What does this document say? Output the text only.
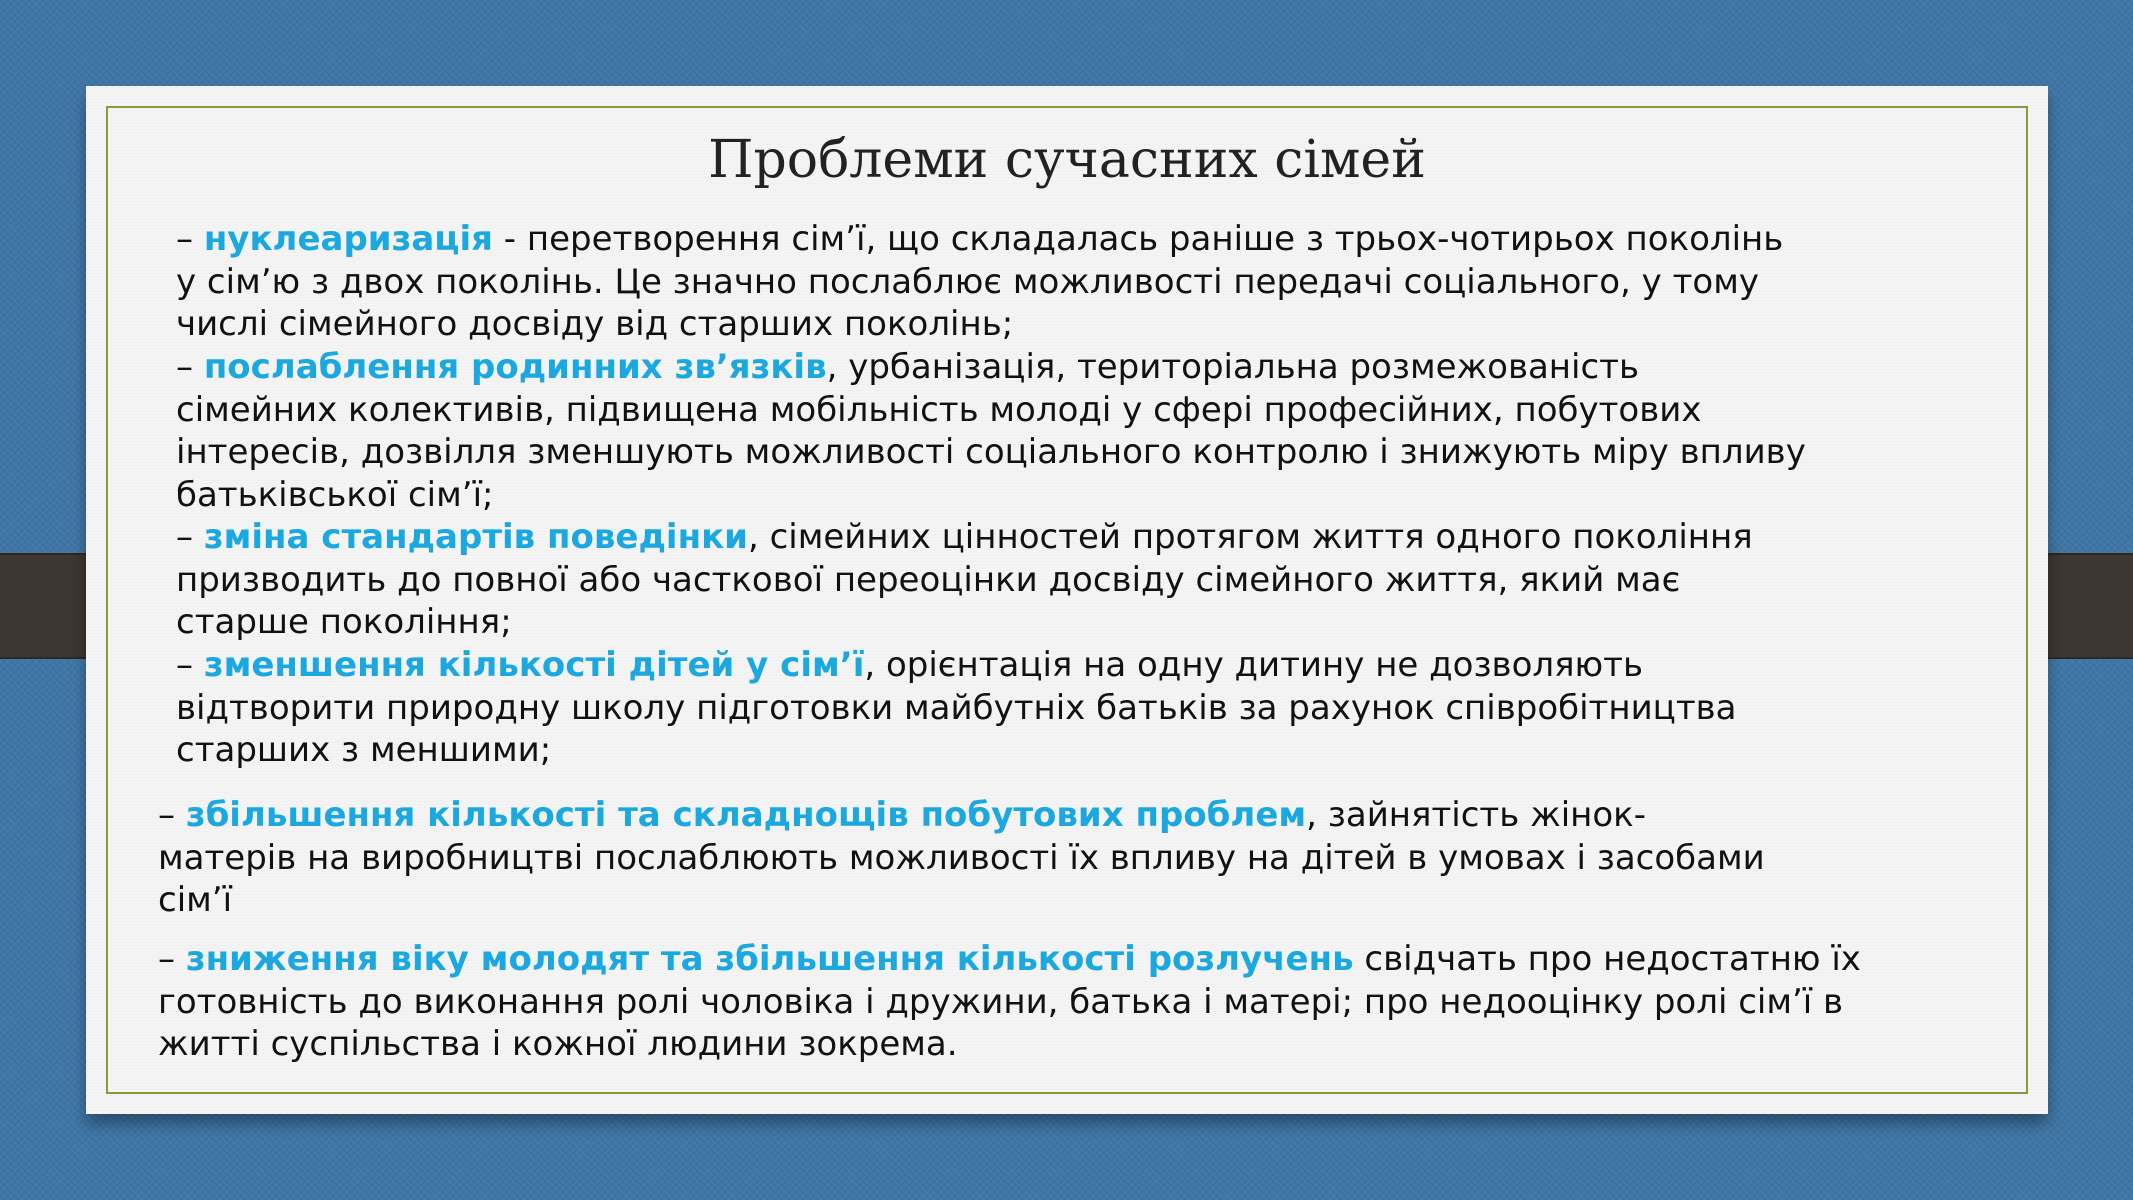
Проблеми сучасних сімей

– нуклеаризація - перетворення сім’ї, що складалась раніше з трьох-чотирьох поколінь
у сім’ю з двох поколінь. Це значно послаблює можливості передачі соціального, у тому
числі сімейного досвіду від старших поколінь;

– послаблення родинних зв’язків, урбанізація, територіальна розмежованість
сімейних колективів, підвищена мобільність молоді у сфері професійних, побутових
інтересів, дозвілля зменшують можливості соціального контролю і знижують міру впливу
батьківської сім’ї;

– зміна стандартів поведінки, сімейних цінностей протягом життя одного покоління
призводить до повної або часткової переоцінки досвіду сімейного життя, який має
старше покоління;

– зменшення кількості дітей у сім’ї, орієнтація на одну дитину не дозволяють
відтворити природну школу підготовки майбутніх батьків за рахунок співробітництва
старших з меншими;

– збільшення кількості та складнощів побутових проблем, зайнятість жінок-
матерів на виробництві послаблюють можливості їх впливу на дітей в умовах і засобами
сім’ї

– зниження віку молодят та збільшення кількості розлучень свідчать про недостатню їх
готовність до виконання ролі чоловіка і дружини, батька і матері; про недооцінку ролі сім’ї в
житті суспільства і кожної людини зокрема.
